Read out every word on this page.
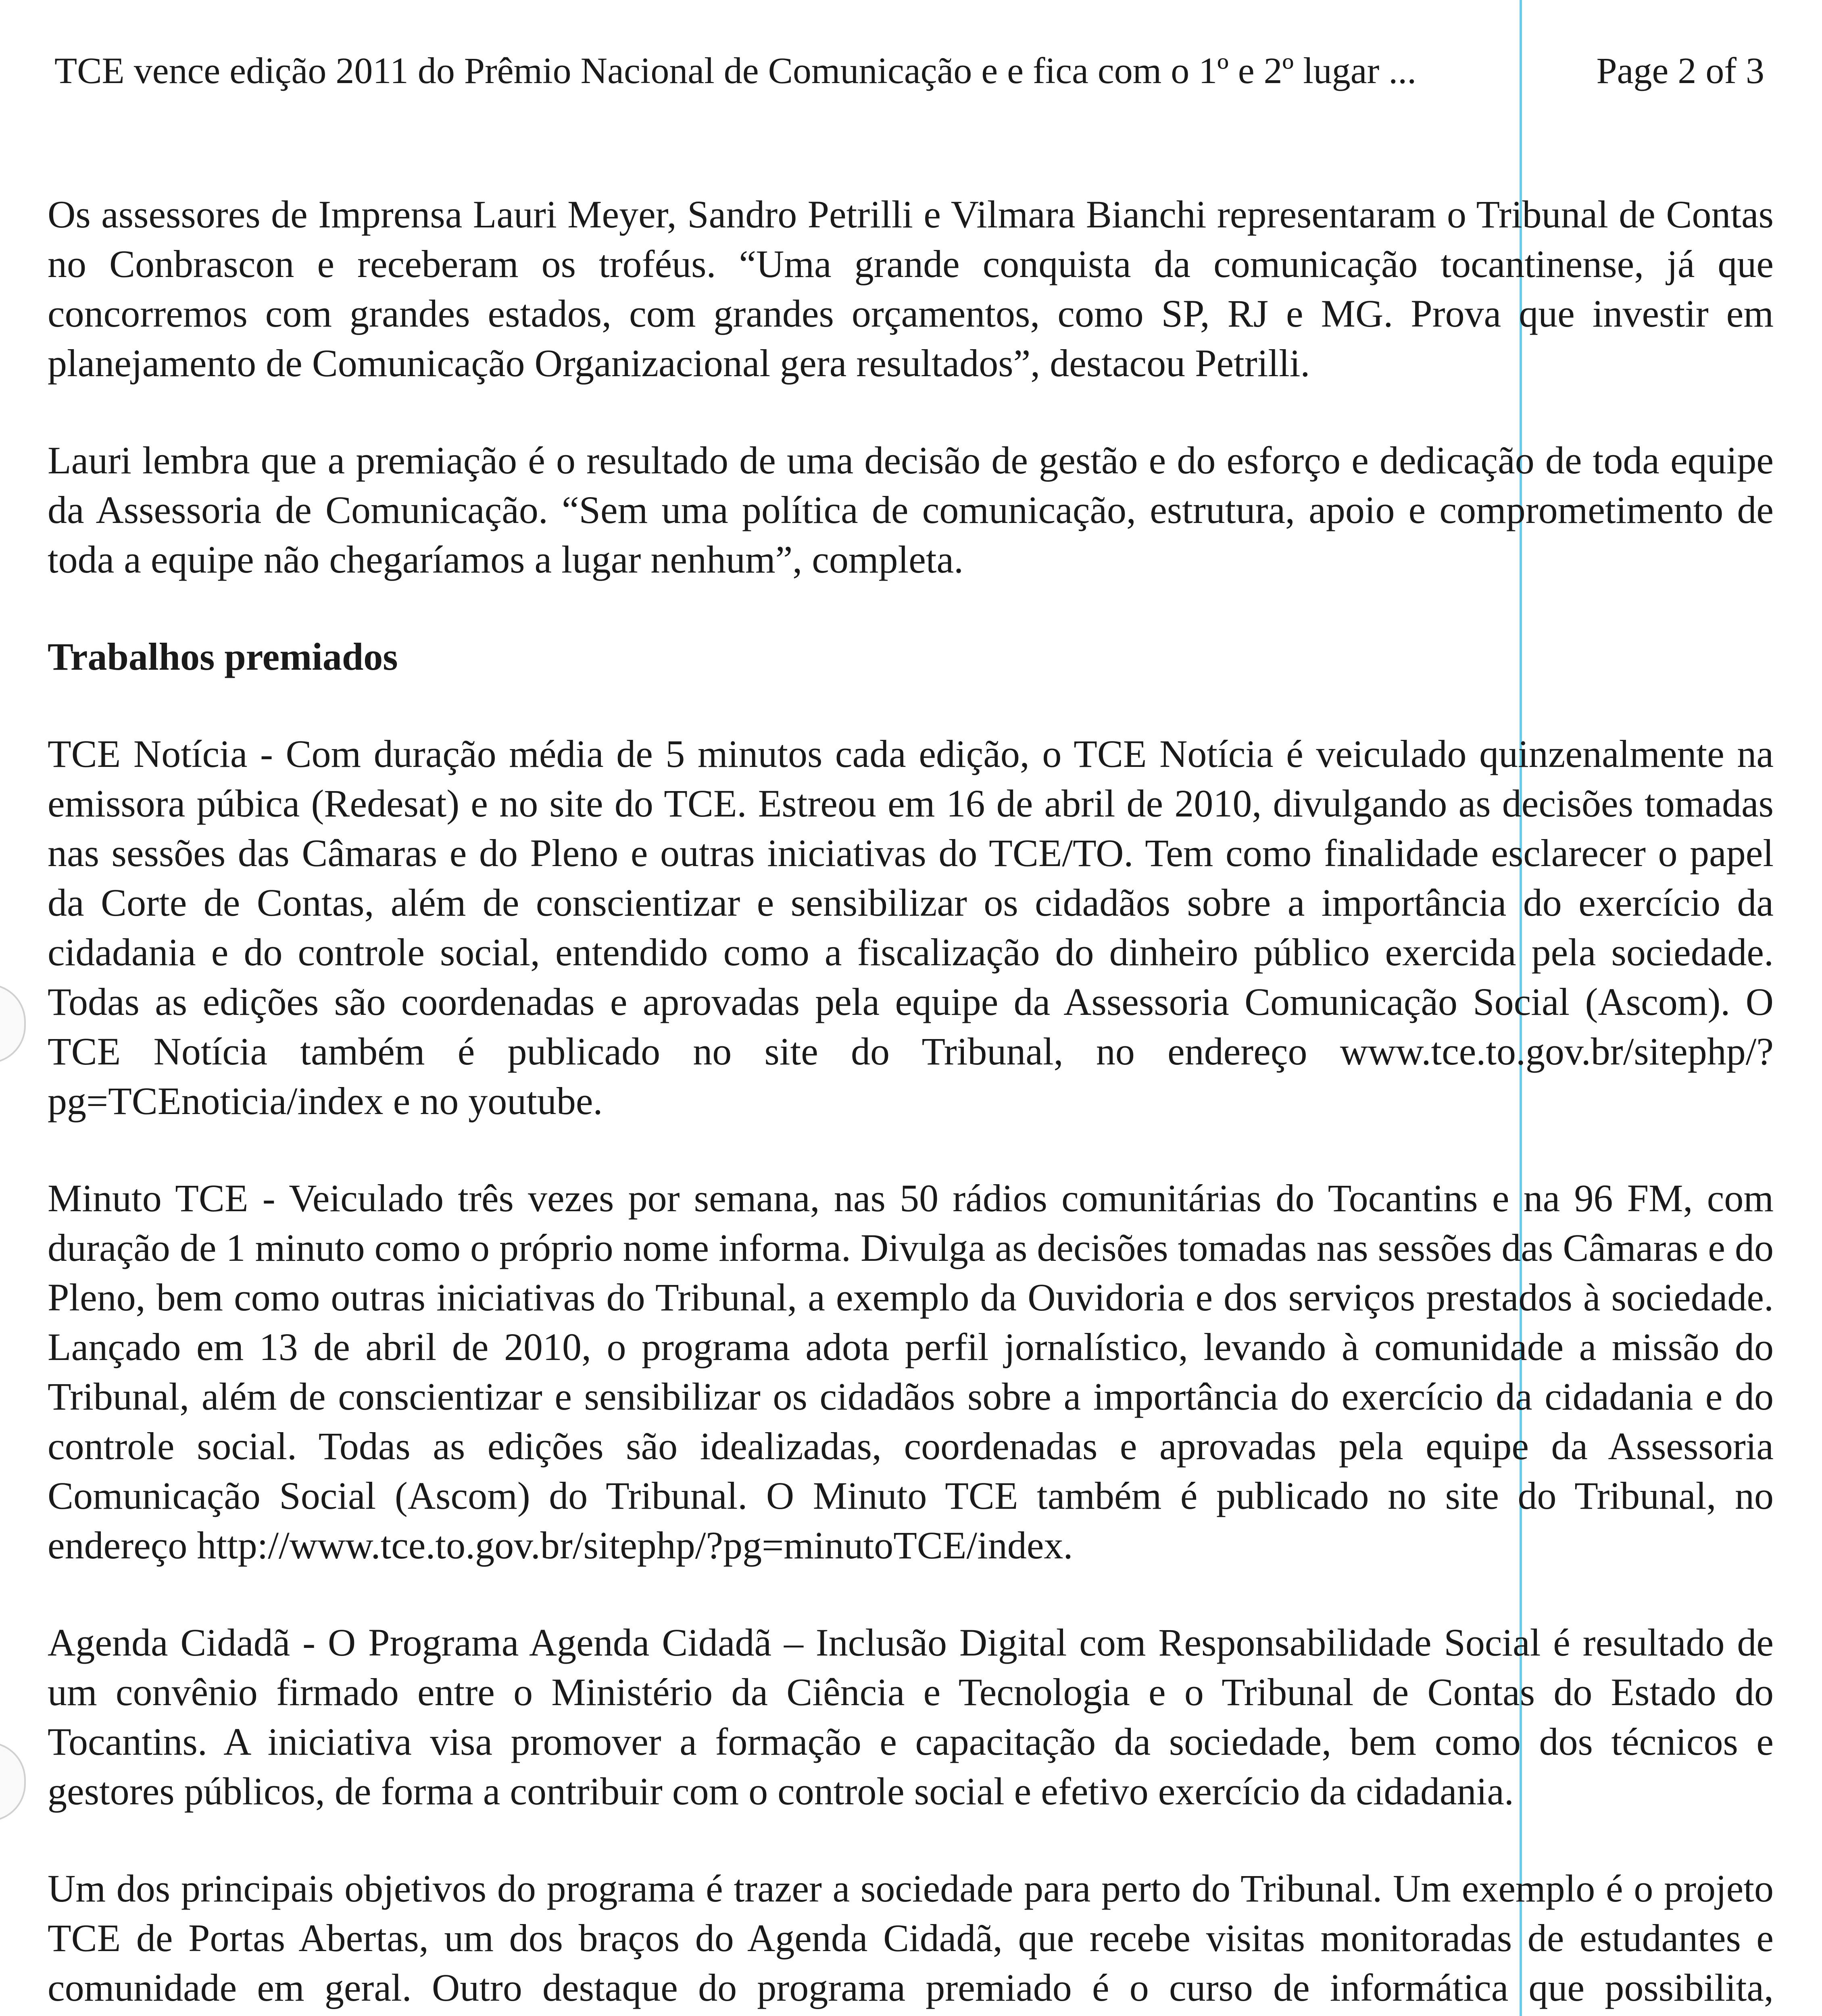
TCE vence edição 2011 do Prêmio Nacional de Comunicação e e fica com o 1º e 2º lugar ...	Page 2 of 3

Os assessores de Imprensa Lauri Meyer, Sandro Petrilli e Vilmara Bianchi representaram o Tribunal de Contas no Conbrascon e receberam os troféus. “Uma grande conquista da comunicação tocantinense, já que concorremos com grandes estados, com grandes orçamentos, como SP, RJ e MG. Prova que investir em planejamento de Comunicação Organizacional gera resultados”, destacou Petrilli.

Lauri lembra que a premiação é o resultado de uma decisão de gestão e do esforço e dedicação de toda equipe da Assessoria de Comunicação. “Sem uma política de comunicação, estrutura, apoio e comprometimento de toda a equipe não chegaríamos a lugar nenhum”, completa.

Trabalhos premiados

TCE Notícia - Com duração média de 5 minutos cada edição, o TCE Notícia é veiculado quinzenalmente na emissora púbica (Redesat) e no site do TCE. Estreou em 16 de abril de 2010, divulgando as decisões tomadas nas sessões das Câmaras e do Pleno e outras iniciativas do TCE/TO. Tem como finalidade esclarecer o papel da Corte de Contas, além de conscientizar e sensibilizar os cidadãos sobre a importância do exercício da cidadania e do controle social, entendido como a fiscalização do dinheiro público exercida pela sociedade. Todas as edições são coordenadas e aprovadas pela equipe da Assessoria Comunicação Social (Ascom). O TCE Notícia também é publicado no site do Tribunal, no endereço www.tce.to.gov.br/sitephp/?pg=TCEnoticia/index e no youtube.

Minuto TCE - Veiculado três vezes por semana, nas 50 rádios comunitárias do Tocantins e na 96 FM, com duração de 1 minuto como o próprio nome informa. Divulga as decisões tomadas nas sessões das Câmaras e do Pleno, bem como outras iniciativas do Tribunal, a exemplo da Ouvidoria e dos serviços prestados à sociedade. Lançado em 13 de abril de 2010, o programa adota perfil jornalístico, levando à comunidade a missão do Tribunal, além de conscientizar e sensibilizar os cidadãos sobre a importância do exercício da cidadania e do controle social. Todas as edições são idealizadas, coordenadas e aprovadas pela equipe da Assessoria Comunicação Social (Ascom) do Tribunal. O Minuto TCE também é publicado no site do Tribunal, no endereço http://www.tce.to.gov.br/sitephp/?pg=minutoTCE/index.

Agenda Cidadã - O Programa Agenda Cidadã – Inclusão Digital com Responsabilidade Social é resultado de um convênio firmado entre o Ministério da Ciência e Tecnologia e o Tribunal de Contas do Estado do Tocantins. A iniciativa visa promover a formação e capacitação da sociedade, bem como dos técnicos e gestores públicos, de forma a contribuir com o controle social e efetivo exercício da cidadania.

Um dos principais objetivos do programa é trazer a sociedade para perto do Tribunal. Um exemplo é o projeto TCE de Portas Abertas, um dos braços do Agenda Cidadã, que recebe visitas monitoradas de estudantes e comunidade em geral. Outro destaque do programa premiado é o curso de informática que possibilita,
